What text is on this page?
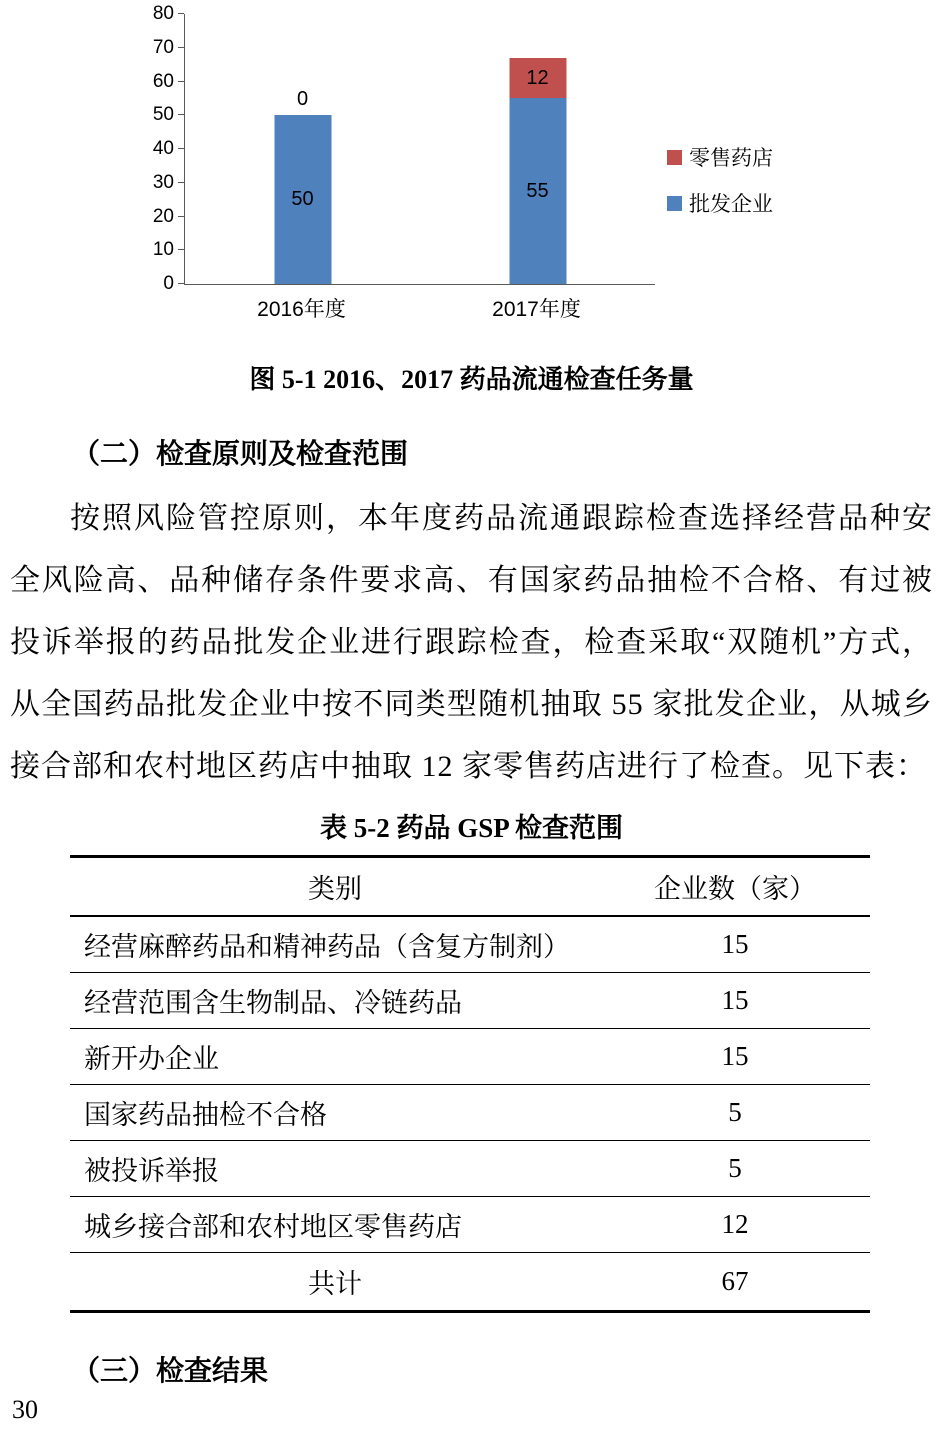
0
10
20
30
40
50
60
70
80
50
0
55
12
2016年度	2017年度
零售药店
批发企业
图 5-1 2016、2017 药品流通检查任务量
（二）检查原则及检查范围

按照风险管控原则，本年度药品流通跟踪检查选择经营品种安全风险高、品种储存条件要求高、有国家药品抽检不合格、有过被投诉举报的药品批发企业进行跟踪检查，检查采取“双随机”方式，从全国药品批发企业中按不同类型随机抽取 55 家批发企业，从城乡接合部和农村地区药店中抽取 12 家零售药店进行了检查。见下表：

表 5-2 药品 GSP 检查范围
类别	企业数（家）
经营麻醉药品和精神药品（含复方制剂）	15
经营范围含生物制品、冷链药品	15
新开办企业	15
国家药品抽检不合格	5
被投诉举报	5
城乡接合部和农村地区零售药店	12
共计	67
（三）检查结果
30
